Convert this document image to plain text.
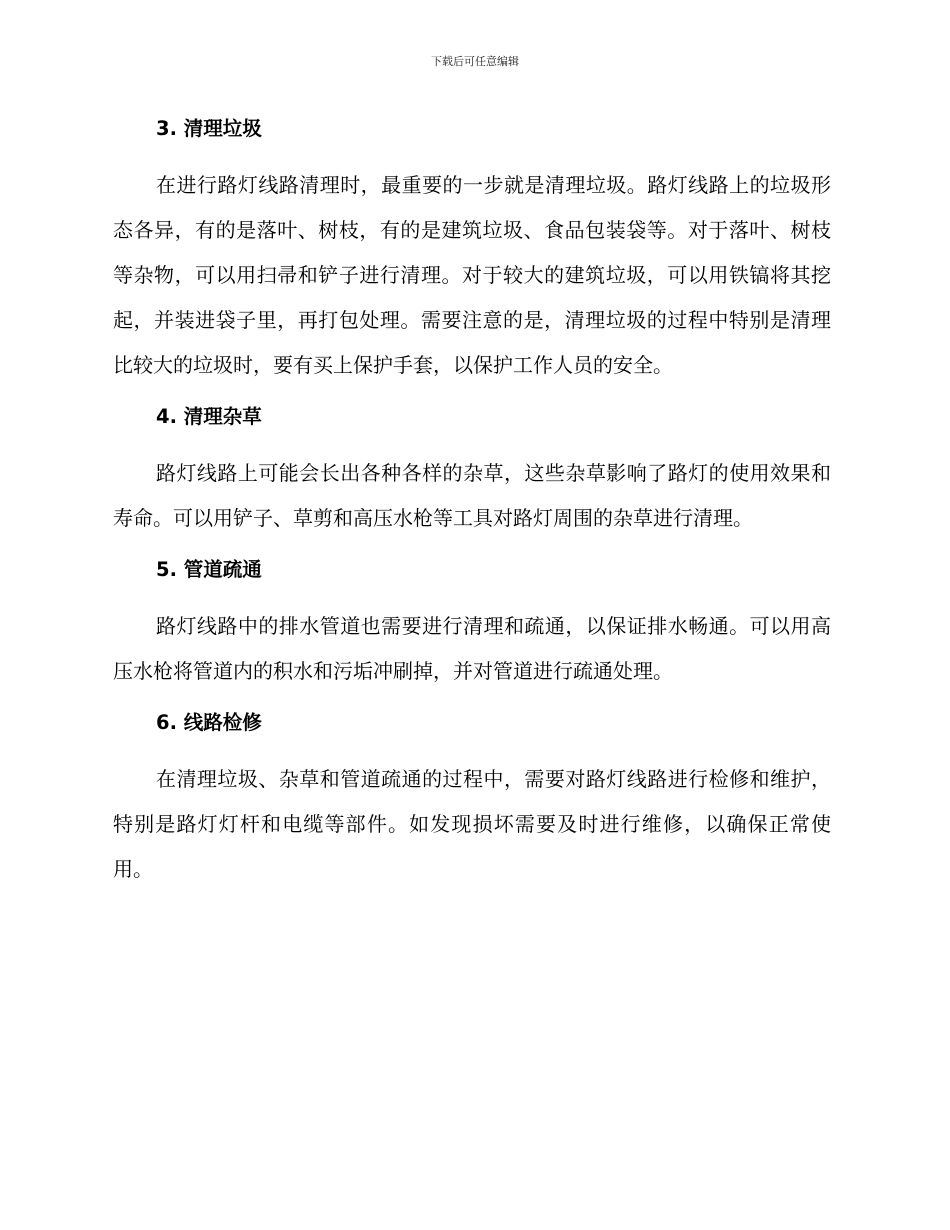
下载后可任意编辑
3. 清理垃圾

在进行路灯线路清理时，最重要的一步就是清理垃圾。路灯线路上的垃圾形态各异，有的是落叶、树枝，有的是建筑垃圾、食品包装袋等。对于落叶、树枝等杂物，可以用扫帚和铲子进行清理。对于较大的建筑垃圾，可以用铁镐将其挖起，并装进袋子里，再打包处理。需要注意的是，清理垃圾的过程中特别是清理比较大的垃圾时，要有买上保护手套，以保护工作人员的安全。

4. 清理杂草

路灯线路上可能会长出各种各样的杂草，这些杂草影响了路灯的使用效果和寿命。可以用铲子、草剪和高压水枪等工具对路灯周围的杂草进行清理。

5. 管道疏通

路灯线路中的排水管道也需要进行清理和疏通，以保证排水畅通。可以用高压水枪将管道内的积水和污垢冲刷掉，并对管道进行疏通处理。

6. 线路检修

在清理垃圾、杂草和管道疏通的过程中，需要对路灯线路进行检修和维护，特别是路灯灯杆和电缆等部件。如发现损坏需要及时进行维修，以确保正常使用。
